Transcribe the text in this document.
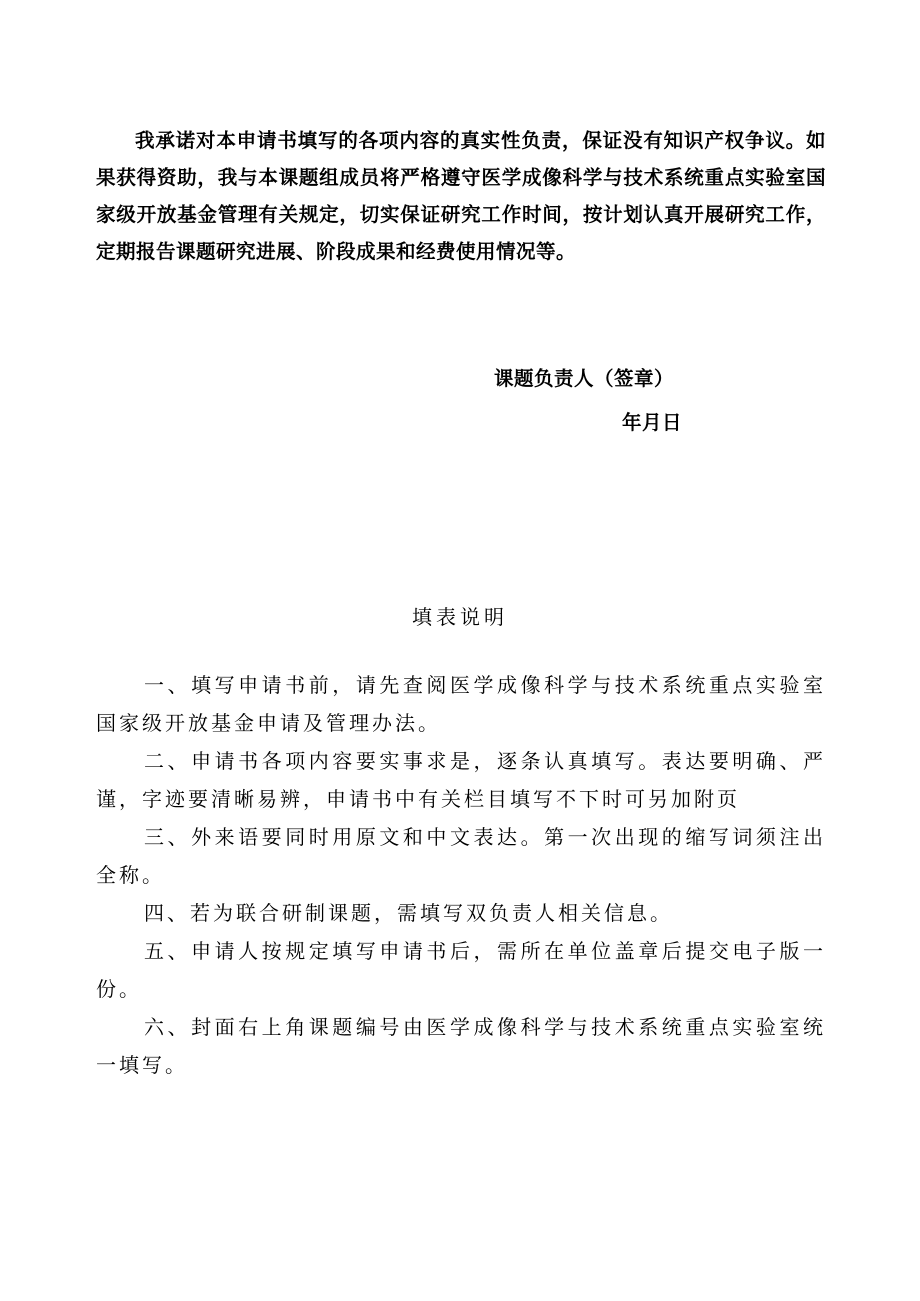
我承诺对本申请书填写的各项内容的真实性负责，保证没有知识产权争议。如果获得资助，我与本课题组成员将严格遵守医学成像科学与技术系统重点实验室国家级开放基金管理有关规定，切实保证研究工作时间，按计划认真开展研究工作，定期报告课题研究进展、阶段成果和经费使用情况等。

课题负责人（签章）
年月日
填表说明

一、填写申请书前，请先查阅医学成像科学与技术系统重点实验室国家级开放基金申请及管理办法。

二、申请书各项内容要实事求是，逐条认真填写。表达要明确、严谨，字迹要清晰易辨，申请书中有关栏目填写不下时可另加附页

三、外来语要同时用原文和中文表达。第一次出现的缩写词须注出全称。

四、若为联合研制课题，需填写双负责人相关信息。

五、申请人按规定填写申请书后，需所在单位盖章后提交电子版一份。

六、封面右上角课题编号由医学成像科学与技术系统重点实验室统一填写。
